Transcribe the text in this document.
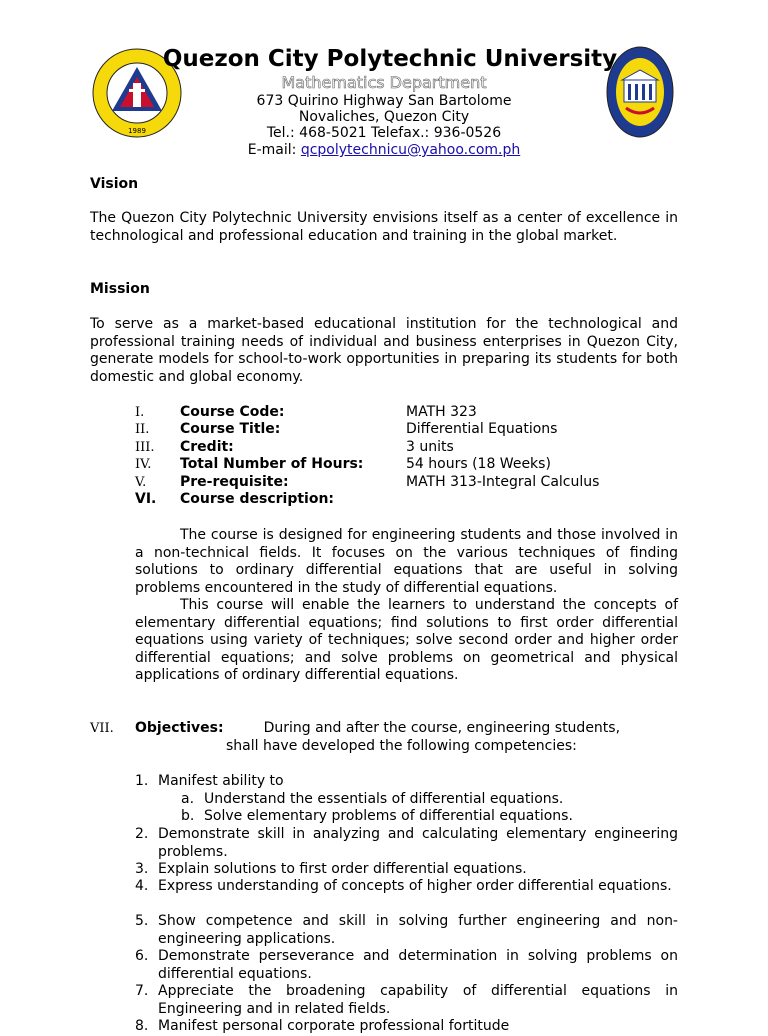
1989
Quezon City Polytechnic University
Mathematics Department
673 Quirino Highway San Bartolome
Novaliches, Quezon City
Tel.: 468-5021 Telefax.: 936-0526
E-mail: qcpolytechnicu@yahoo.com.ph
Vision
The Quezon City Polytechnic University envisions itself as a center of excellence in technological and professional education and training in the global market.
Mission
To serve as a market-based educational institution for the technological and professional training needs of individual and business enterprises in Quezon City, generate models for school-to-work opportunities in preparing its students for both domestic and global economy.
I.	Course Code:	MATH 323
II. Course Title:	Differential Equations
III. Credit:	3 units
IV. Total Number of Hours:	54 hours (18 Weeks)
V. Pre-requisite:	MATH 313-Integral Calculus
VI. Course description:

The course is designed for engineering students and those involved in a non-technical fields. It focuses on the various techniques of finding solutions to ordinary differential equations that are useful in solving problems encountered in the study of differential equations.

This course will enable the learners to understand the concepts of elementary differential equations; find solutions to first order differential equations using variety of techniques; solve second order and higher order differential equations; and solve problems on geometrical and physical applications of ordinary differential equations.

VII. Objectives:	During and after the course, engineering students,
shall have developed the following competencies:
1. Manifest ability to
a. Understand the essentials of differential equations.
b. Solve elementary problems of differential equations.
2. Demonstrate skill in analyzing and calculating elementary engineering problems.
3. Explain solutions to first order differential equations.
4. Express understanding of concepts of higher order differential equations.
5. Show competence and skill in solving further engineering and non-engineering applications.
6. Demonstrate perseverance and determination in solving problems on differential equations.
7. Appreciate the broadening capability of differential equations in Engineering and in related fields.
8. Manifest personal corporate professional fortitude
